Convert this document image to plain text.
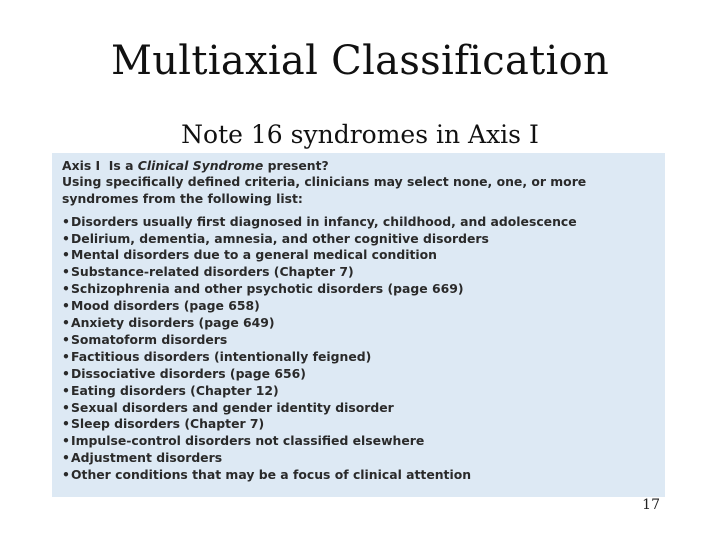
Multiaxial Classification
Note 16 syndromes in Axis I
Axis I Is a Clinical Syndrome present?
Using specifically defined criteria, clinicians may select none, one, or more syndromes from the following list:
• Disorders usually first diagnosed in infancy, childhood, and adolescence
• Delirium, dementia, amnesia, and other cognitive disorders
• Mental disorders due to a general medical condition
• Substance-related disorders (Chapter 7)
• Schizophrenia and other psychotic disorders (page 669)
• Mood disorders (page 658)
• Anxiety disorders (page 649)
• Somatoform disorders
• Factitious disorders (intentionally feigned)
• Dissociative disorders (page 656)
• Eating disorders (Chapter 12)
• Sexual disorders and gender identity disorder
• Sleep disorders (Chapter 7)
• Impulse-control disorders not classified elsewhere
• Adjustment disorders
• Other conditions that may be a focus of clinical attention
17
